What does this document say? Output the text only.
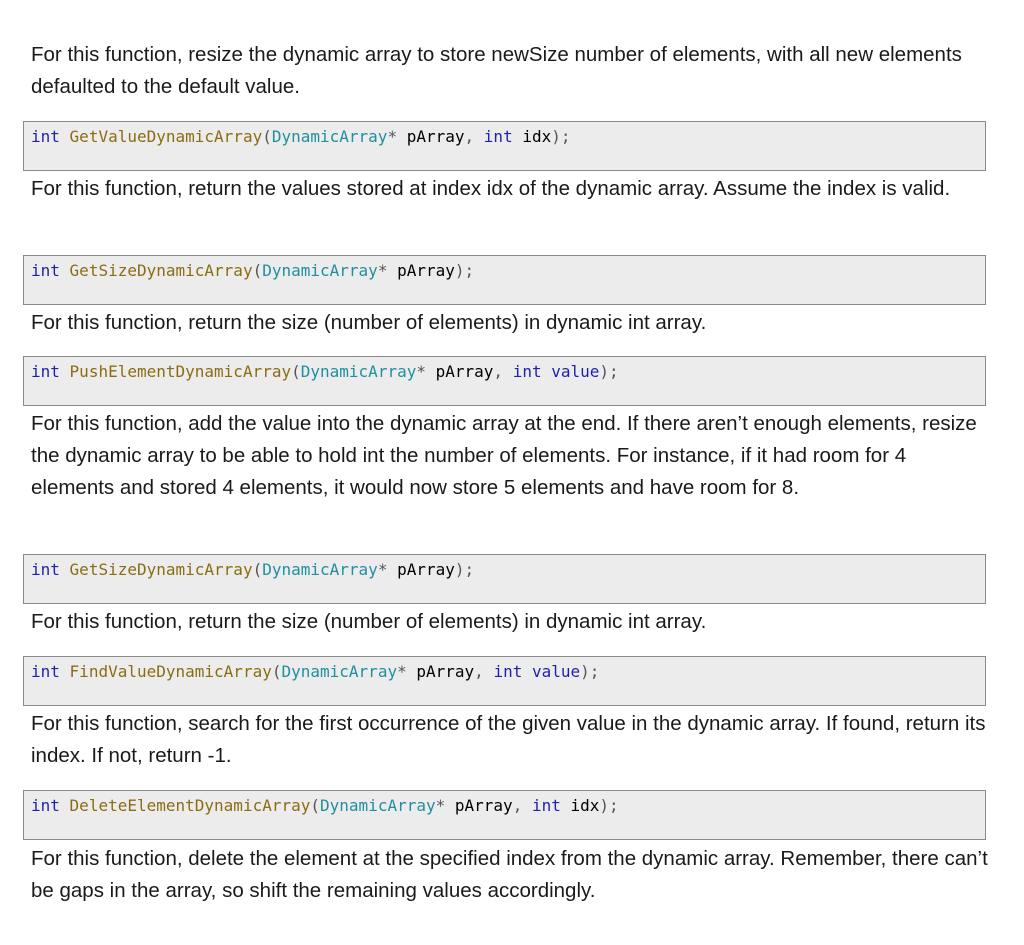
For this function, resize the dynamic array to store newSize number of elements, with all new elements defaulted to the default value.

int GetValueDynamicArray(DynamicArray* pArray, int idx);

For this function, return the values stored at index idx of the dynamic array. Assume the index is valid.

int GetSizeDynamicArray(DynamicArray* pArray);

For this function, return the size (number of elements) in dynamic int array.

int PushElementDynamicArray(DynamicArray* pArray, int value);

For this function, add the value into the dynamic array at the end. If there aren’t enough elements, resize the dynamic array to be able to hold int the number of elements. For instance, if it had room for 4 elements and stored 4 elements, it would now store 5 elements and have room for 8.

int GetSizeDynamicArray(DynamicArray* pArray);

For this function, return the size (number of elements) in dynamic int array.

int FindValueDynamicArray(DynamicArray* pArray, int value);

For this function, search for the first occurrence of the given value in the dynamic array. If found, return its index. If not, return -1.

int DeleteElementDynamicArray(DynamicArray* pArray, int idx);

For this function, delete the element at the specified index from the dynamic array. Remember, there can’t be gaps in the array, so shift the remaining values accordingly.
